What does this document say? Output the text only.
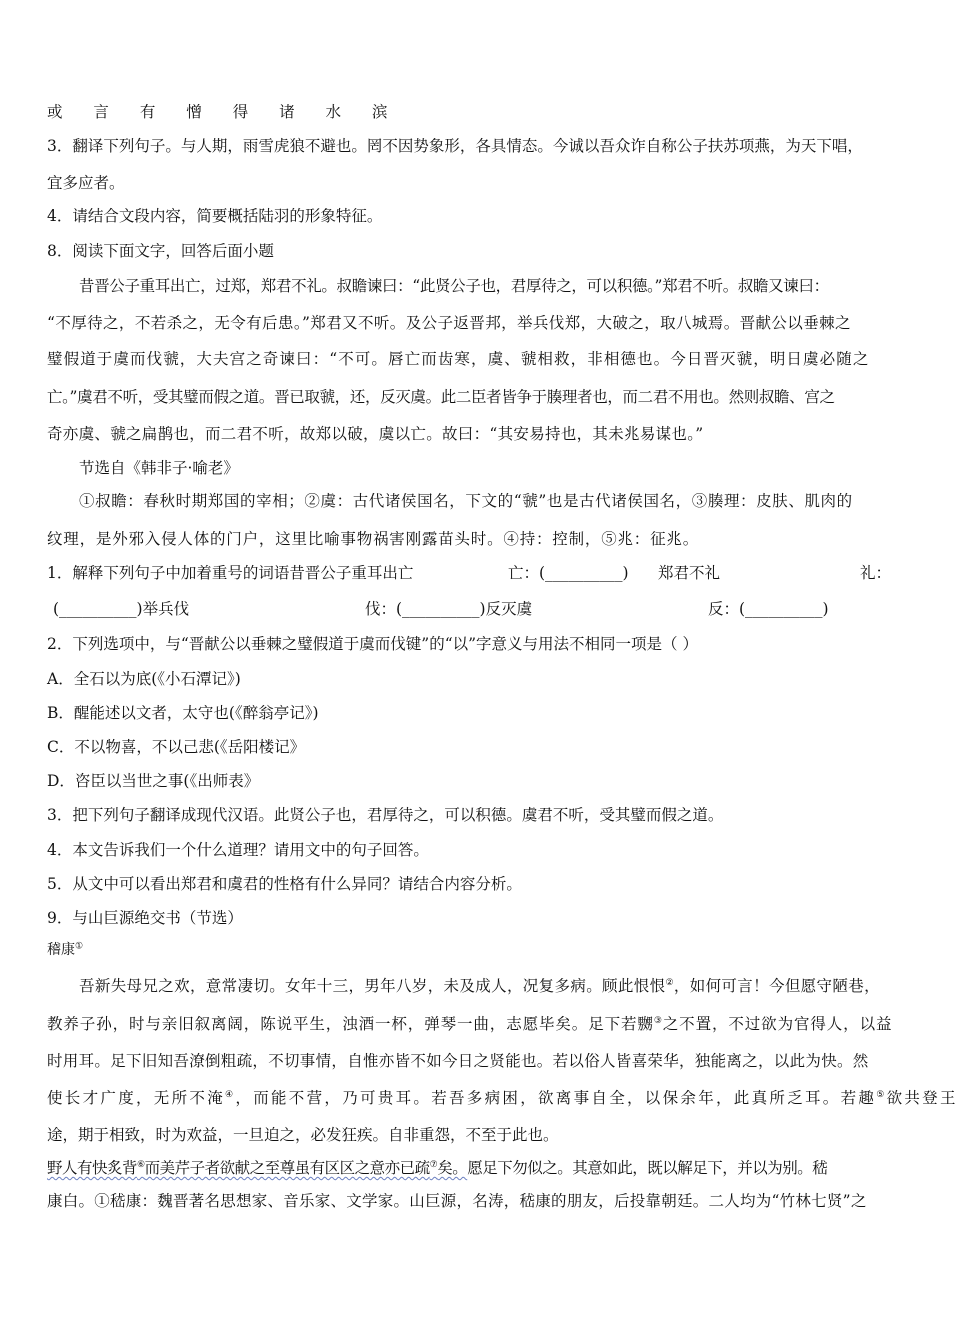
或 言 有 憎 得 诸 水 滨
3．翻译下列句子。与人期，雨雪虎狼不避也。罔不因势象形，各具情态。今诚以吾众诈自称公子扶苏项燕，为天下唱，
宜多应者。
4．请结合文段内容，简要概括陆羽的形象特征。
8．阅读下面文字，回答后面小题
昔晋公子重耳出亡，过郑，郑君不礼。叔瞻谏曰：“此贤公子也，君厚待之，可以积德。”郑君不听。叔瞻又谏曰：
“不厚待之，不若杀之，无令有后患。”郑君又不听。及公子返晋邦，举兵伐郑，大破之，取八城焉。晋献公以垂棘之
璧假道于虞而伐虢，大夫宫之奇谏曰：“不可。唇亡而齿寒，虞、虢相救，非相德也。今日晋灭虢，明日虞必随之
亡。”虞君不听，受其璧而假之道。晋已取虢，还，反灭虞。此二臣者皆争于腠理者也，而二君不用也。然则叔瞻、宫之
奇亦虞、虢之扁鹊也，而二君不听，故郑以破，虞以亡。故曰：“其安易持也，其未兆易谋也。”
节选自《韩非子·喻老》
①叔瞻：春秋时期郑国的宰相；②虞：古代诸侯国名，下文的“虢”也是古代诸侯国名，③腠理：皮肤、肌肉的
纹理，是外邪入侵人体的门户，这里比喻事物祸害刚露苗头时。④持：控制，⑤兆：征兆。
1．解释下列句子中加着重号的词语昔晋公子重耳出亡	亡：(__________) 郑君不礼	礼：
(__________)举兵伐	伐：(__________)反灭虞	反：(__________)
2．下列选项中，与“晋献公以垂棘之璧假道于虞而伐键”的“以”字意义与用法不相同一项是（ ）
A．全石以为底(《小石潭记》)
B．醒能述以文者，太守也(《醉翁亭记》)
C．不以物喜，不以己悲(《岳阳楼记》
D．咨臣以当世之事(《出师表》
3．把下列句子翻译成现代汉语。此贤公子也，君厚待之，可以积德。虞君不听，受其璧而假之道。
4．本文告诉我们一个什么道理？请用文中的句子回答。
5．从文中可以看出郑君和虞君的性格有什么异同？请结合内容分析。
9．与山巨源绝交书（节选）
稽康①
吾新失母兄之欢，意常凄切。女年十三，男年八岁，未及成人，况复多病。顾此恨恨②，如何可言！今但愿守陋巷，
教养子孙，时与亲旧叙离阔，陈说平生，浊酒一杯，弹琴一曲，志愿毕矣。足下若嬲③之不置，不过欲为官得人，以益
时用耳。足下旧知吾潦倒粗疏，不切事情，自惟亦皆不如今日之贤能也。若以俗人皆喜荣华，独能离之，以此为快。然
使长才广度，无所不淹④，而能不营，乃可贵耳。若吾多病困，欲离事自全，以保余年，此真所乏耳。若趣⑤欲共登王
途，期于相致，时为欢益，一旦迫之，必发狂疾。自非重怨，不至于此也。
野人有快炙背⑥而美芹子者欲献之至尊虽有区区之意亦已疏⑦矣。愿足下勿似之。其意如此，既以解足下，并以为别。嵇
康白。①嵇康：魏晋著名思想家、音乐家、文学家。山巨源，名涛，嵇康的朋友，后投靠朝廷。二人均为“竹林七贤”之
